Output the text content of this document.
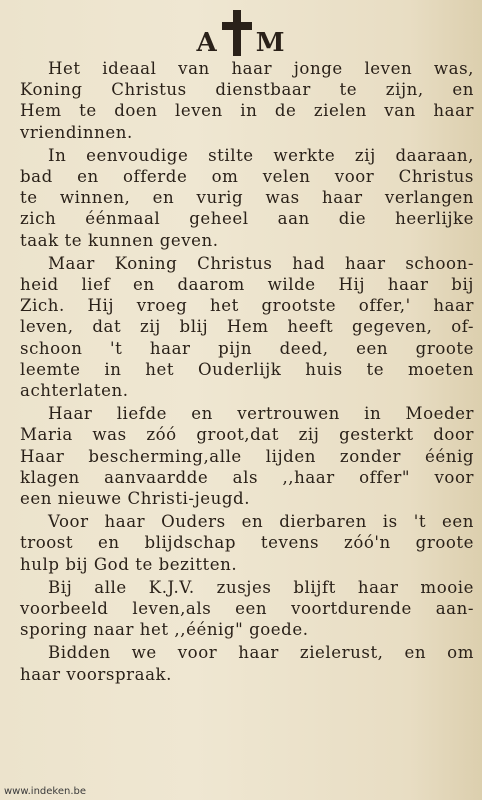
A M
Het ideaal van haar jonge leven was,
Koning Christus dienstbaar te zijn, en
Hem te doen leven in de zielen van haar
vriendinnen.
In eenvoudige stilte werkte zij daaraan,
bad en offerde om velen voor Christus
te winnen, en vurig was haar verlangen
zich éénmaal geheel aan die heerlijke
taak te kunnen geven.
Maar Koning Christus had haar schoon-
heid lief en daarom wilde Hij haar bij
Zich. Hij vroeg het grootste offer,' haar
leven, dat zij blij Hem heeft gegeven, of-
schoon 't haar pijn deed, een groote
leemte in het Ouderlijk huis te moeten
achterlaten.
Haar liefde en vertrouwen in Moeder
Maria was zóó groot,dat zij gesterkt door
Haar bescherming,alle lijden zonder éénig
klagen aanvaardde als ,,haar offer" voor
een nieuwe Christi-jeugd.
Voor haar Ouders en dierbaren is 't een
troost en blijdschap tevens zóó'n groote
hulp bij God te bezitten.
Bij alle K.J.V. zusjes blijft haar mooie
voorbeeld leven,als een voortdurende aan-
sporing naar het ,,éénig" goede.
Bidden we voor haar zielerust, en om
haar voorspraak.
www.indeken.be
